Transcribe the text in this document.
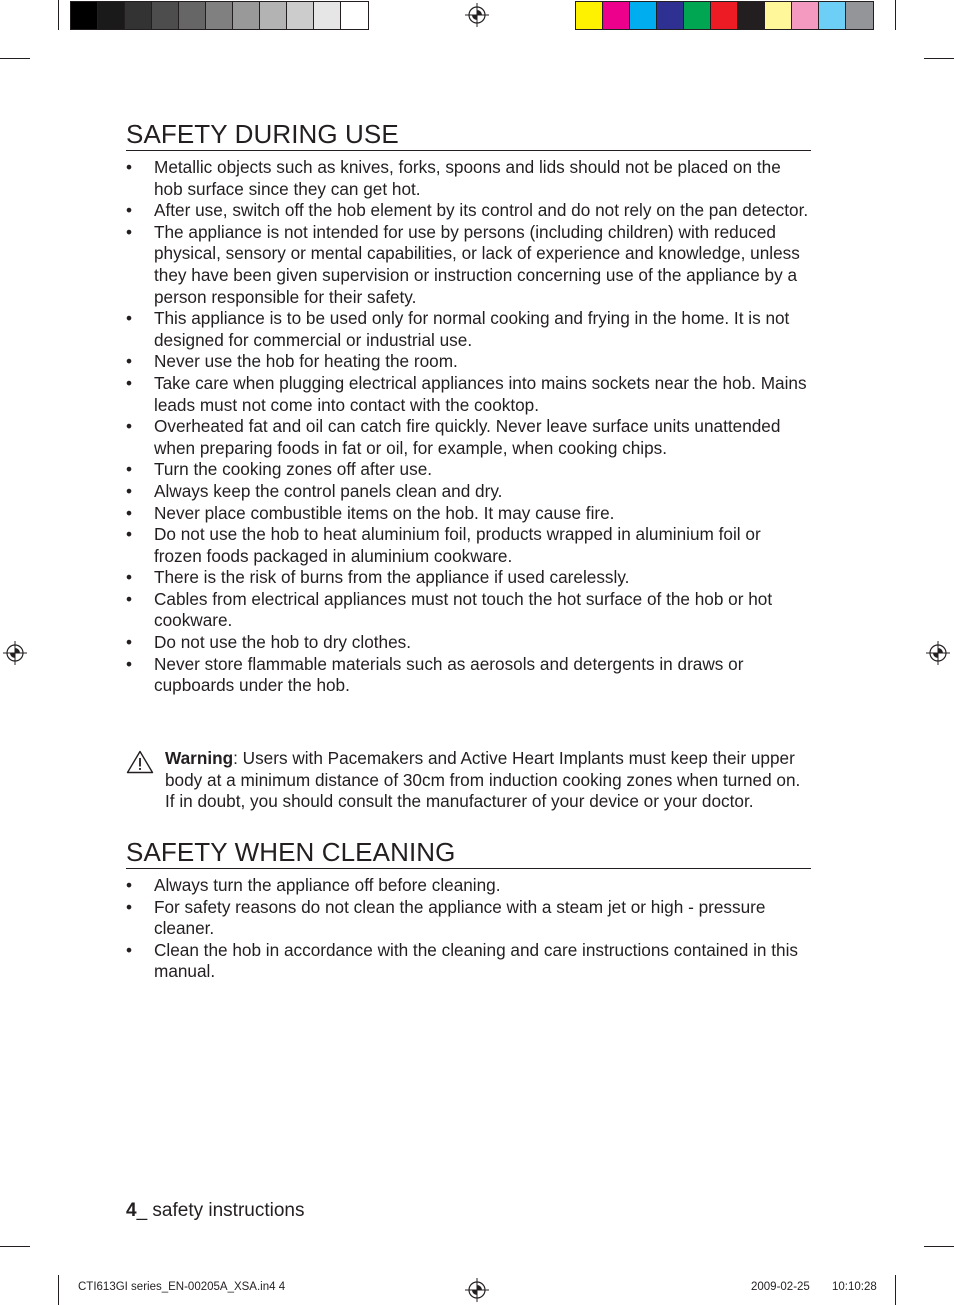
SAFETY DURING USE
• Metallic objects such as knives, forks, spoons and lids should not be placed on the hob surface since they can get hot.
• After use, switch off the hob element by its control and do not rely on the pan detector.
• The appliance is not intended for use by persons (including children) with reduced physical, sensory or mental capabilities, or lack of experience and knowledge, unless they have been given supervision or instruction concerning use of the appliance by a person responsible for their safety.
• This appliance is to be used only for normal cooking and frying in the home. It is not designed for commercial or industrial use.
• Never use the hob for heating the room.
• Take care when plugging electrical appliances into mains sockets near the hob. Mains leads must not come into contact with the cooktop.
• Overheated fat and oil can catch fire quickly. Never leave surface units unattended when preparing foods in fat or oil, for example, when cooking chips.
• Turn the cooking zones off after use.
• Always keep the control panels clean and dry.
• Never place combustible items on the hob. It may cause fire.
• Do not use the hob to heat aluminium foil, products wrapped in aluminium foil or frozen foods packaged in aluminium cookware.
• There is the risk of burns from the appliance if used carelessly.
• Cables from electrical appliances must not touch the hot surface of the hob or hot cookware.
• Do not use the hob to dry clothes.
• Never store flammable materials such as aerosols and detergents in draws or cupboards under the hob.

Warning: Users with Pacemakers and Active Heart Implants must keep their upper body at a minimum distance of 30cm from induction cooking zones when turned on. If in doubt, you should consult the manufacturer of your device or your doctor.

SAFETY WHEN CLEANING
• Always turn the appliance off before cleaning.
• For safety reasons do not clean the appliance with a steam jet or high - pressure cleaner.
• Clean the hob in accordance with the cleaning and care instructions contained in this manual.
4_ safety instructions
CTI613GI series_EN-00205A_XSA.in4 4	2009-02-25 10:10:28
